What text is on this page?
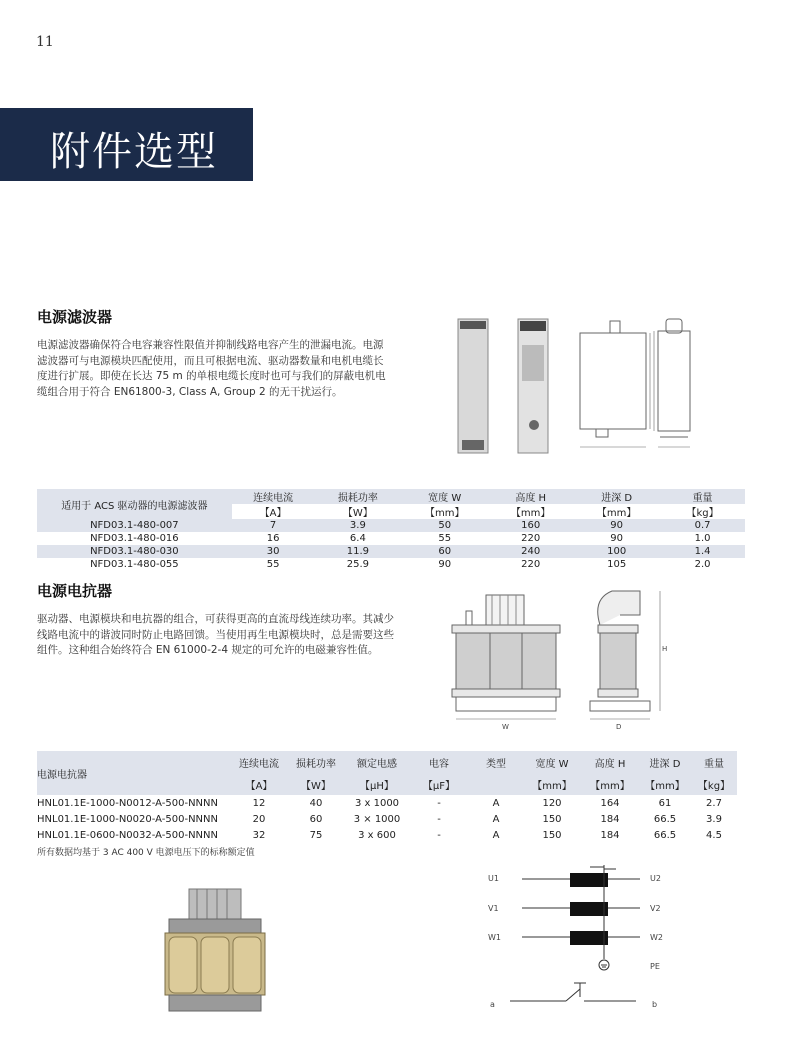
11
附件选型
电源滤波器
电源滤波器确保符合电容兼容性限值并抑制线路电容产生的泄漏电流。电源
滤波器可与电源模块匹配使用，而且可根据电流、驱动器数量和电机电缆长
度进行扩展。即使在长达 75 m 的单根电缆长度时也可与我们的屏蔽电机电
缆组合用于符合 EN61800-3, Class A, Group 2 的无干扰运行。
适用于 ACS 驱动器的电源滤波器	连续电流	损耗功率	宽度 W	高度 H	进深 D	重量
	【A】	【W】	【mm】	【mm】	【mm】	【kg】
NFD03.1-480-007	7	3.9	50	160	90	0.7
NFD03.1-480-016	16	6.4	55	220	90	1.0
NFD03.1-480-030	30	11.9	60	240	100	1.4
NFD03.1-480-055	55	25.9	90	220	105	2.0
电源电抗器
驱动器、电源模块和电抗器的组合，可获得更高的直流母线连续功率。其减少
线路电流中的谐波同时防止电路回馈。当使用再生电源模块时，总是需要这些
组件。这种组合始终符合 EN 61000-2-4 规定的可允许的电磁兼容性值。
W
H
D
电源电抗器	连续电流	损耗功率	额定电感	电容	类型	宽度 W	高度 H	进深 D	重量
	【A】	【W】	【μH】	【μF】		【mm】	【mm】	【mm】	【kg】
HNL01.1E-1000-N0012-A-500-NNNN	12	40	3 x 1000	-	A	120	164	61	2.7
HNL01.1E-1000-N0020-A-500-NNNN	20	60	3 × 1000	-	A	150	184	66.5	3.9
HNL01.1E-0600-N0032-A-500-NNNN	32	75	3 x 600	-	A	150	184	66.5	4.5
所有数据均基于 3 AC 400 V 电源电压下的标称额定值
U1
V1
W1
U2
V2
W2
PE
a	b
